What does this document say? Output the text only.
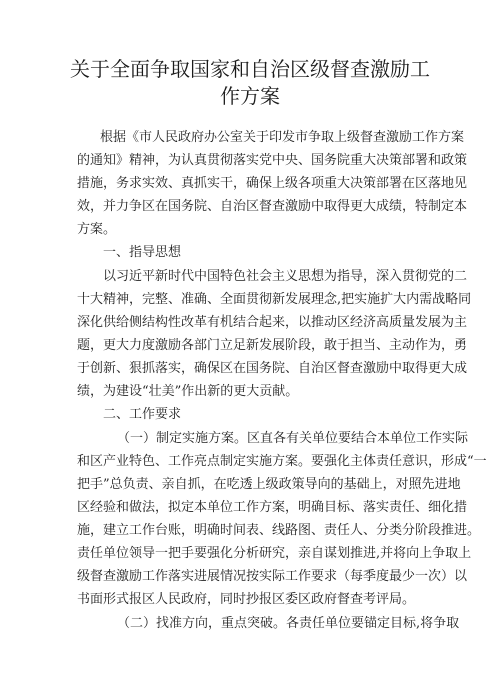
关于全面争取国家和自治区级督查激励工
作方案
根据《市人民政府办公室关于印发市争取上级督查激励工作方案
的通知》精神，为认真贯彻落实党中央、国务院重大决策部署和政策
措施，务求实效、真抓实干，确保上级各项重大决策部署在区落地见
效，并力争区在国务院、自治区督查激励中取得更大成绩，特制定本
方案。
一、指导思想
以习近平新时代中国特色社会主义思想为指导，深入贯彻党的二
十大精神，完整、准确、全面贯彻新发展理念,把实施扩大内需战略同
深化供给侧结构性改革有机结合起来，以推动区经济高质量发展为主
题，更大力度激励各部门立足新发展阶段，敢于担当、主动作为，勇
于创新、狠抓落实，确保区在国务院、自治区督查激励中取得更大成
绩，为建设“壮美”作出新的更大贡献。
二、工作要求
（一）制定实施方案。区直各有关单位要结合本单位工作实际
和区产业特色、工作亮点制定实施方案。要强化主体责任意识，形成“一
把手”总负责、亲自抓，在吃透上级政策导向的基础上，对照先进地
区经验和做法，拟定本单位工作方案，明确目标、落实责任、细化措
施，建立工作台账，明确时间表、线路图、责任人、分类分阶段推进。
责任单位领导一把手要强化分析研究，亲自谋划推进,并将向上争取上
级督查激励工作落实进展情况按实际工作要求（每季度最少一次）以
书面形式报区人民政府，同时抄报区委区政府督查考评局。
（二）找准方向，重点突破。各责任单位要锚定目标,将争取
